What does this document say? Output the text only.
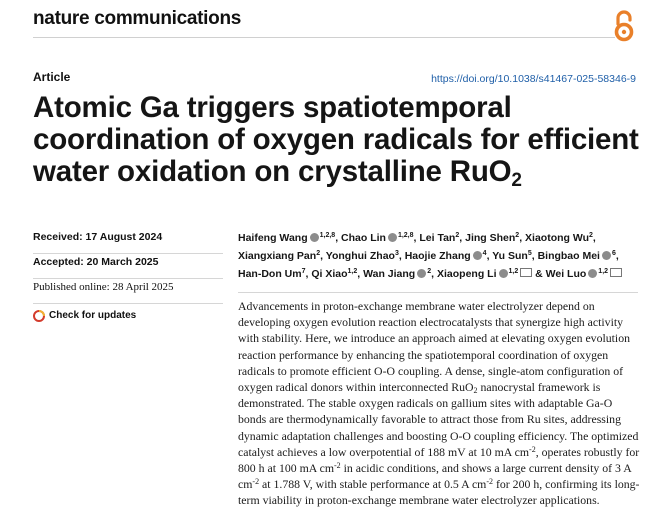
nature communications
Article	https://doi.org/10.1038/s41467-025-58346-9
Atomic Ga triggers spatiotemporal coordination of oxygen radicals for efficient water oxidation on crystalline RuO$_2$
Received: 17 August 2024
Accepted: 20 March 2025
Published online: 28 April 2025
Check for updates
Haifeng Wang $^{1,2,8}$, Chao Lin $^{1,2,8}$, Lei Tan$^2$, Jing Shen$^2$, Xiaotong Wu$^2$, Xiangxiang Pan$^2$, Yonghui Zhao$^3$, Haojie Zhang $^4$, Yu Sun$^5$, Bingbao Mei $^6$, Han-Don Um$^7$, Qi Xiao$^{1,2}$, Wan Jiang $^2$, Xiaopeng Li $^{1,2}$ & Wei Luo $^{1,2}$

Advancements in proton-exchange membrane water electrolyzer depend on developing oxygen evolution reaction electrocatalysts that synergize high activity with stability. Here, we introduce an approach aimed at elevating oxygen evolution reaction performance by enhancing the spatiotemporal coordination of oxygen radicals to promote efficient O-O coupling. A dense, single-atom configuration of oxygen radical donors within interconnected RuO$_2$ nanocrystal framework is demonstrated. The stable oxygen radicals on gallium sites with adaptable Ga-O bonds are thermodynamically favorable to attract those from Ru sites, addressing dynamic adaptation challenges and boosting O-O coupling efficiency. The optimized catalyst achieves a low overpotential of 188 mV at 10 mA $cm^{-2}$, operates robustly for 800 h at 100 mA $cm^{-2}$ in acidic conditions, and shows a large current density of 3 A $cm^{-2}$ at 1.788 V, with stable performance at 0.5 A $cm^{-2}$ for 200 h, confirming its long-term viability in proton-exchange membrane water electrolyzer applications.
